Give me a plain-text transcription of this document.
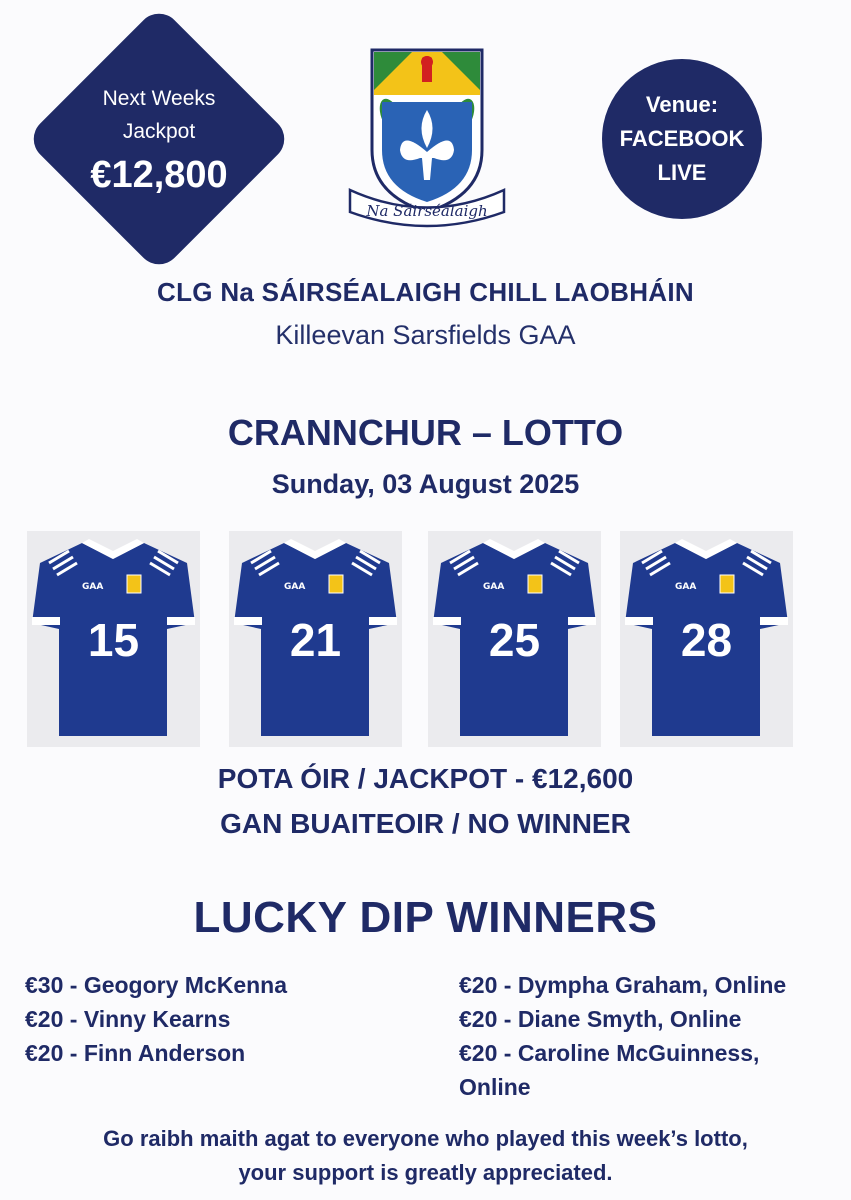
Next Weeks
Jackpot
€12,800
Na Sáirséalaigh
Venue:
FACEBOOK
LIVE
CLG Na SÁIRSÉALAIGH CHILL LAOBHÁIN
Killeevan Sarsfields GAA
CRANNCHUR – LOTTO
Sunday, 03 August 2025
GAA
15
GAA
21
GAA
25
GAA
28
POTA ÓIR / JACKPOT - €12,600
GAN BUAITEOIR / NO WINNER
LUCKY DIP WINNERS
€30 - Geogory McKenna
€20 - Vinny Kearns
€20 - Finn Anderson
€20 - Dympha Graham, Online
€20 - Diane Smyth, Online
€20 - Caroline McGuinness,
Online
Go raibh maith agat to everyone who played this week’s lotto,
your support is greatly appreciated.
